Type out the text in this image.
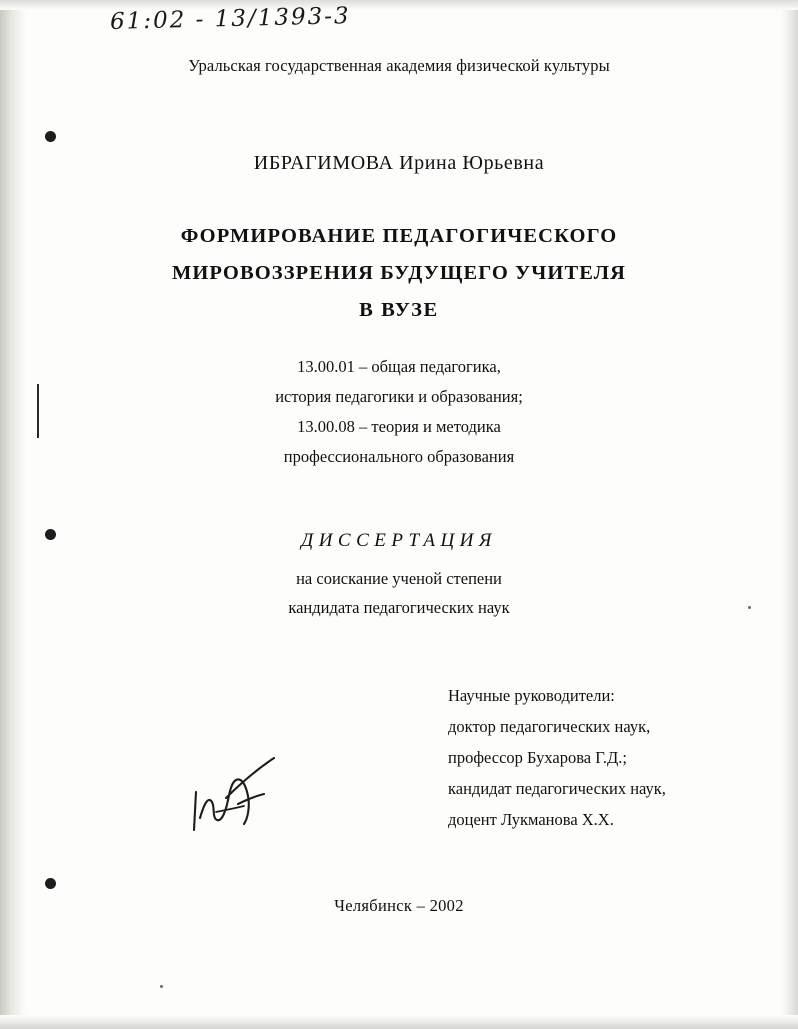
61:02 - 13/1393-3
Уральская государственная академия физической культуры
ИБРАГИМОВА Ирина Юрьевна
ФОРМИРОВАНИЕ ПЕДАГОГИЧЕСКОГО
МИРОВОЗЗРЕНИЯ БУДУЩЕГО УЧИТЕЛЯ
В ВУЗЕ
13.00.01 – общая педагогика,
история педагогики и образования;
13.00.08 – теория и методика
профессионального образования
ДИССЕРТАЦИЯ
на соискание ученой степени
кандидата педагогических наук
Научные руководители:
доктор педагогических наук,
профессор Бухарова Г.Д.;
кандидат педагогических наук,
доцент Лукманова Х.Х.
Челябинск – 2002
